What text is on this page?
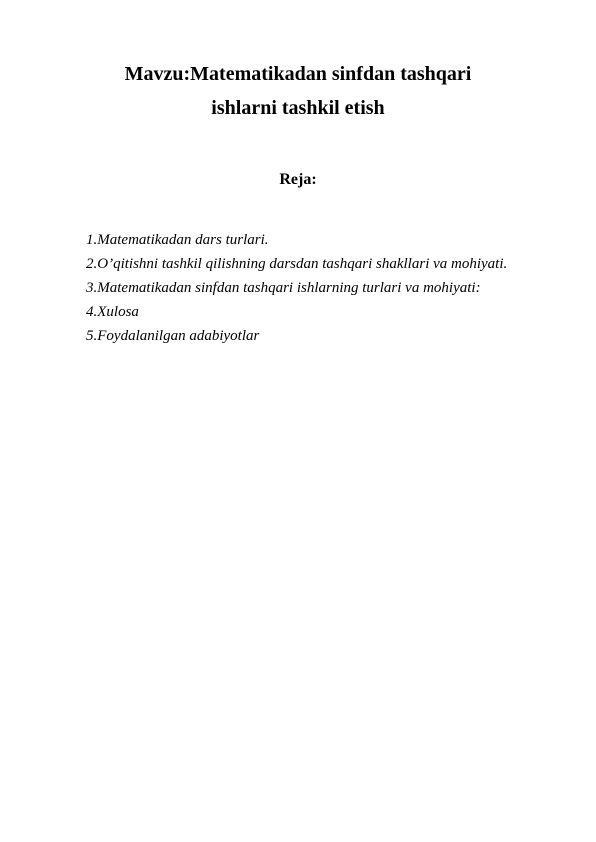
Mavzu:Matematikadan sinfdan tashqari
ishlarni tashkil etish
Reja:
1.Matematikadan dars turlari.
2.O’qitishni tashkil qilishning darsdan tashqari shakllari va mohiyati.
3.Matematikadan sinfdan tashqari ishlarning turlari va mohiyati:
4.Xulosa
5.Foydalanilgan adabiyotlar
